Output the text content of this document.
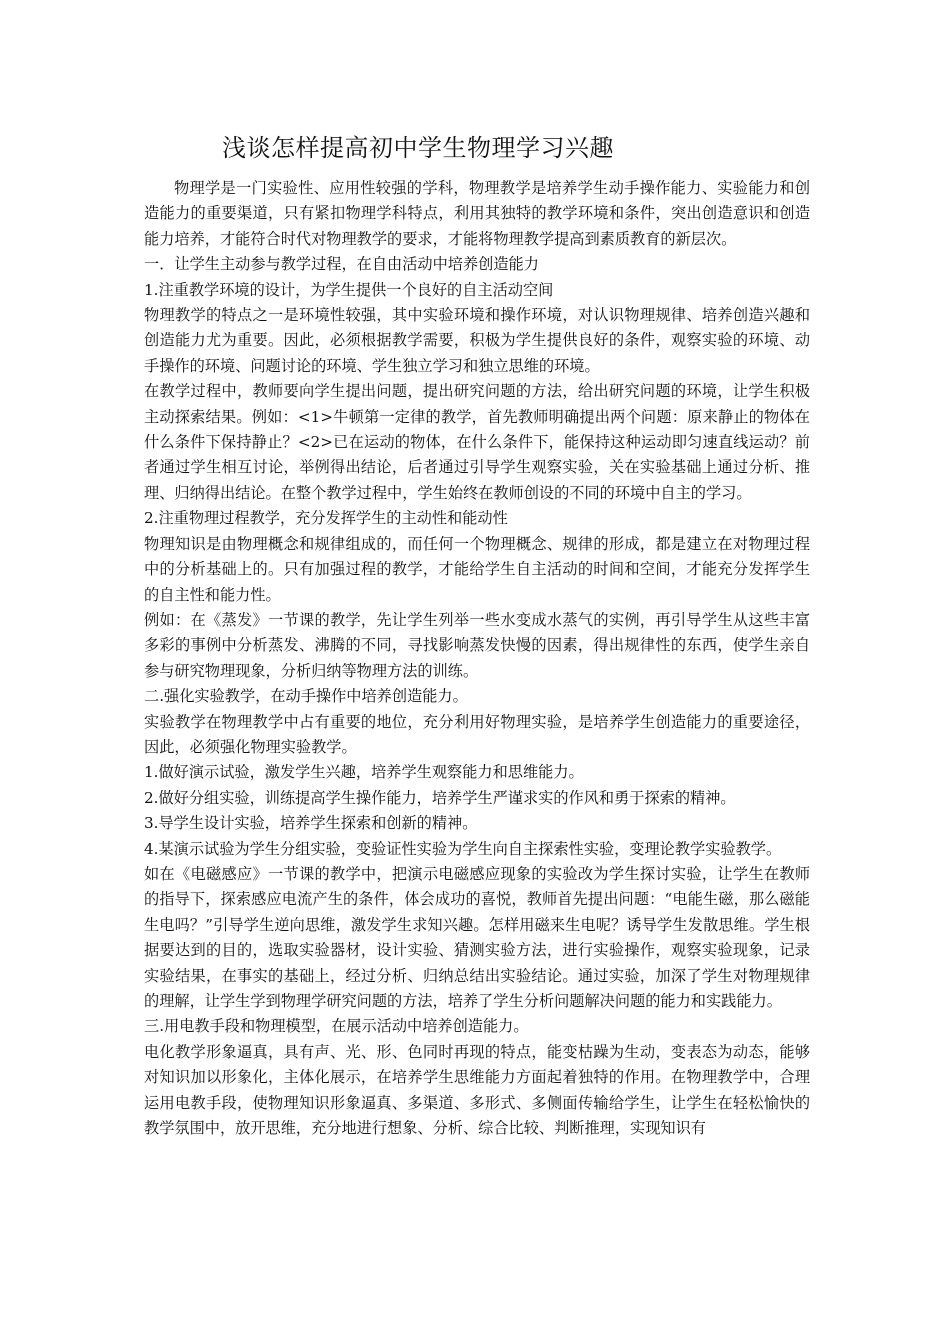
浅谈怎样提高初中学生物理学习兴趣

物理学是一门实验性、应用性较强的学科，物理教学是培养学生动手操作能力、实验能力和创造能力的重要渠道，只有紧扣物理学科特点，利用其独特的教学环境和条件，突出创造意识和创造能力培养，才能符合时代对物理教学的要求，才能将物理教学提高到素质教育的新层次。

一．让学生主动参与教学过程，在自由活动中培养创造能力

1.注重教学环境的设计，为学生提供一个良好的自主活动空间

物理教学的特点之一是环境性较强，其中实验环境和操作环境，对认识物理规律、培养创造兴趣和创造能力尤为重要。因此，必须根据教学需要，积极为学生提供良好的条件，观察实验的环境、动手操作的环境、问题讨论的环境、学生独立学习和独立思维的环境。

在教学过程中，教师要向学生提出问题，提出研究问题的方法，给出研究问题的环境，让学生积极主动探索结果。例如：<1>牛顿第一定律的教学，首先教师明确提出两个问题：原来静止的物体在什么条件下保持静止？<2>已在运动的物体，在什么条件下，能保持这种运动即匀速直线运动？前者通过学生相互讨论，举例得出结论，后者通过引导学生观察实验，关在实验基础上通过分析、推理、归纳得出结论。在整个教学过程中，学生始终在教师创设的不同的环境中自主的学习。

2.注重物理过程教学，充分发挥学生的主动性和能动性

物理知识是由物理概念和规律组成的，而任何一个物理概念、规律的形成，都是建立在对物理过程中的分析基础上的。只有加强过程的教学，才能给学生自主活动的时间和空间，才能充分发挥学生的自主性和能力性。

例如：在《蒸发》一节课的教学，先让学生列举一些水变成水蒸气的实例，再引导学生从这些丰富多彩的事例中分析蒸发、沸腾的不同，寻找影响蒸发快慢的因素，得出规律性的东西，使学生亲自参与研究物理现象，分析归纳等物理方法的训练。

二.强化实验教学，在动手操作中培养创造能力。

实验教学在物理教学中占有重要的地位，充分利用好物理实验，是培养学生创造能力的重要途径，因此，必须强化物理实验教学。

1.做好演示试验，激发学生兴趣，培养学生观察能力和思维能力。

2.做好分组实验，训练提高学生操作能力，培养学生严谨求实的作风和勇于探索的精神。

3.导学生设计实验，培养学生探索和创新的精神。

4.某演示试验为学生分组实验，变验证性实验为学生向自主探索性实验，变理论教学实验教学。

如在《电磁感应》一节课的教学中，把演示电磁感应现象的实验改为学生探讨实验，让学生在教师的指导下，探索感应电流产生的条件，体会成功的喜悦，教师首先提出问题：“电能生磁，那么磁能生电吗？”引导学生逆向思维，激发学生求知兴趣。怎样用磁来生电呢？诱导学生发散思维。学生根据要达到的目的，选取实验器材，设计实验、猜测实验方法，进行实验操作，观察实验现象，记录实验结果，在事实的基础上，经过分析、归纳总结出实验结论。通过实验，加深了学生对物理规律的理解，让学生学到物理学研究问题的方法，培养了学生分析问题解决问题的能力和实践能力。

三.用电教手段和物理模型，在展示活动中培养创造能力。

电化教学形象逼真，具有声、光、形、色同时再现的特点，能变枯躁为生动，变表态为动态，能够对知识加以形象化，主体化展示，在培养学生思维能力方面起着独特的作用。在物理教学中，合理运用电教手段，使物理知识形象逼真、多渠道、多形式、多侧面传输给学生，让学生在轻松愉快的教学氛围中，放开思维，充分地进行想象、分析、综合比较、判断推理，实现知识有
